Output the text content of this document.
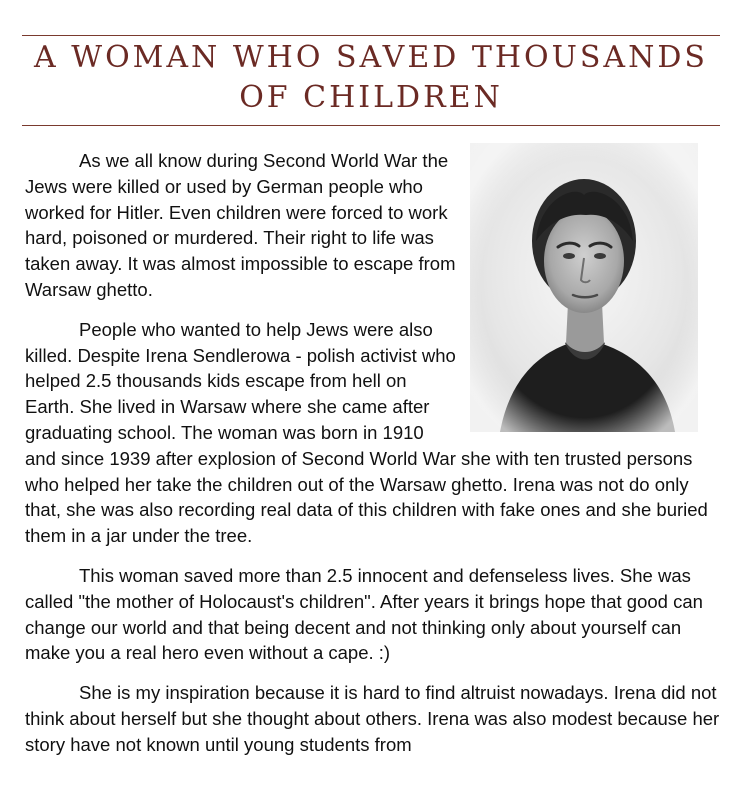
A WOMAN WHO SAVED THOUSANDS
OF CHILDREN

As we all know during Second World War the Jews were killed or used by German people who worked for Hitler. Even children were forced to work hard, poisoned or murdered. Their right to life was taken away. It was almost impossible to escape from Warsaw ghetto.

People who wanted to help Jews were also killed. Despite Irena Sendlerowa - polish activist who helped 2.5 thousands kids escape from hell on Earth. She lived in Warsaw where she came after graduating school. The woman was born in 1910 and since 1939 after explosion of Second World War she with ten trusted persons who helped her take the children out of the Warsaw ghetto. Irena was not do only that, she was also recording real data of this children with fake ones and she buried them in a jar under the tree.

This woman saved more than 2.5 innocent and defenseless lives. She was called "the mother of Holocaust's children". After years it brings hope that good can change our world and that being decent and not thinking only about yourself can make you a real hero even without a cape. :)

She is my inspiration because it is hard to find altruist nowadays. Irena did not think about herself but she thought about others. Irena was also modest because her story have not known until young students from
